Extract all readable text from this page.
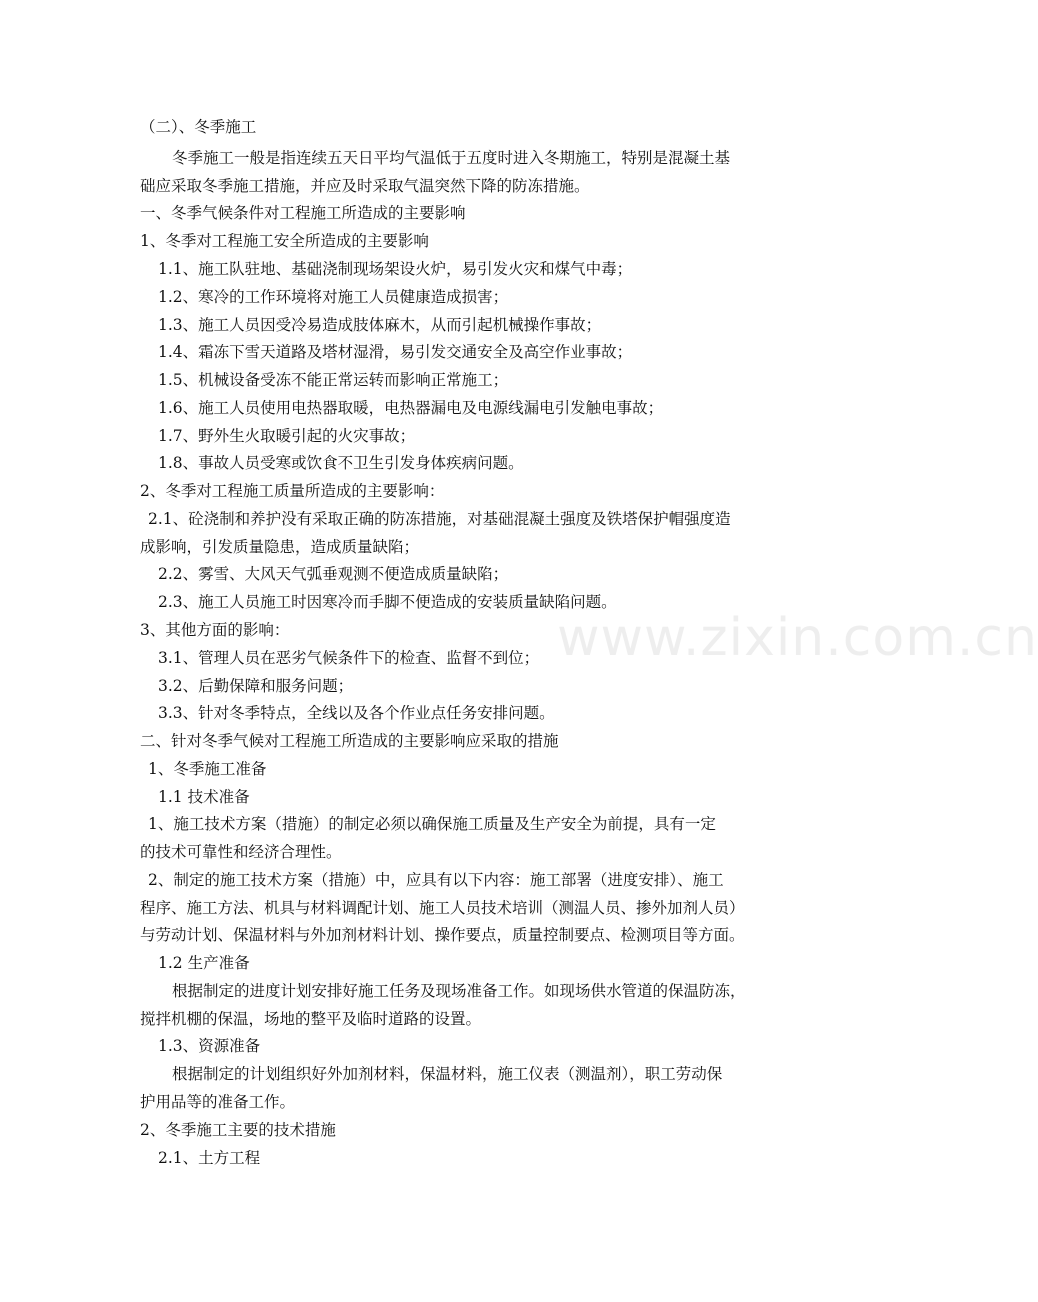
（二）、冬季施工
冬季施工一般是指连续五天日平均气温低于五度时进入冬期施工，特别是混凝土基
础应采取冬季施工措施，并应及时采取气温突然下降的防冻措施。
一、冬季气候条件对工程施工所造成的主要影响
1、冬季对工程施工安全所造成的主要影响
1.1、施工队驻地、基础浇制现场架设火炉，易引发火灾和煤气中毒；
1.2、寒冷的工作环境将对施工人员健康造成损害；
1.3、施工人员因受冷易造成肢体麻木，从而引起机械操作事故；
1.4、霜冻下雪天道路及塔材湿滑，易引发交通安全及高空作业事故；
1.5、机械设备受冻不能正常运转而影响正常施工；
1.6、施工人员使用电热器取暖，电热器漏电及电源线漏电引发触电事故；
1.7、野外生火取暖引起的火灾事故；
1.8、事故人员受寒或饮食不卫生引发身体疾病问题。
2、冬季对工程施工质量所造成的主要影响：
2.1、砼浇制和养护没有采取正确的防冻措施，对基础混凝土强度及铁塔保护帽强度造
成影响，引发质量隐患，造成质量缺陷；
2.2、雾雪、大风天气弧垂观测不便造成质量缺陷；
2.3、施工人员施工时因寒冷而手脚不便造成的安装质量缺陷问题。
3、其他方面的影响：
3.1、管理人员在恶劣气候条件下的检查、监督不到位；
3.2、后勤保障和服务问题；
3.3、针对冬季特点，全线以及各个作业点任务安排问题。
二、针对冬季气候对工程施工所造成的主要影响应采取的措施
1、冬季施工准备
1.1 技术准备
1、施工技术方案（措施）的制定必须以确保施工质量及生产安全为前提，具有一定
的技术可靠性和经济合理性。
2、制定的施工技术方案（措施）中，应具有以下内容：施工部署（进度安排）、施工
程序、施工方法、机具与材料调配计划、施工人员技术培训（测温人员、掺外加剂人员）
与劳动计划、保温材料与外加剂材料计划、操作要点，质量控制要点、检测项目等方面。
1.2 生产准备
根据制定的进度计划安排好施工任务及现场准备工作。如现场供水管道的保温防冻，
搅拌机棚的保温，场地的整平及临时道路的设置。
1.3、资源准备
根据制定的计划组织好外加剂材料，保温材料，施工仪表（测温剂），职工劳动保
护用品等的准备工作。
2、冬季施工主要的技术措施
2.1、土方工程
www.zixin.com.cn
